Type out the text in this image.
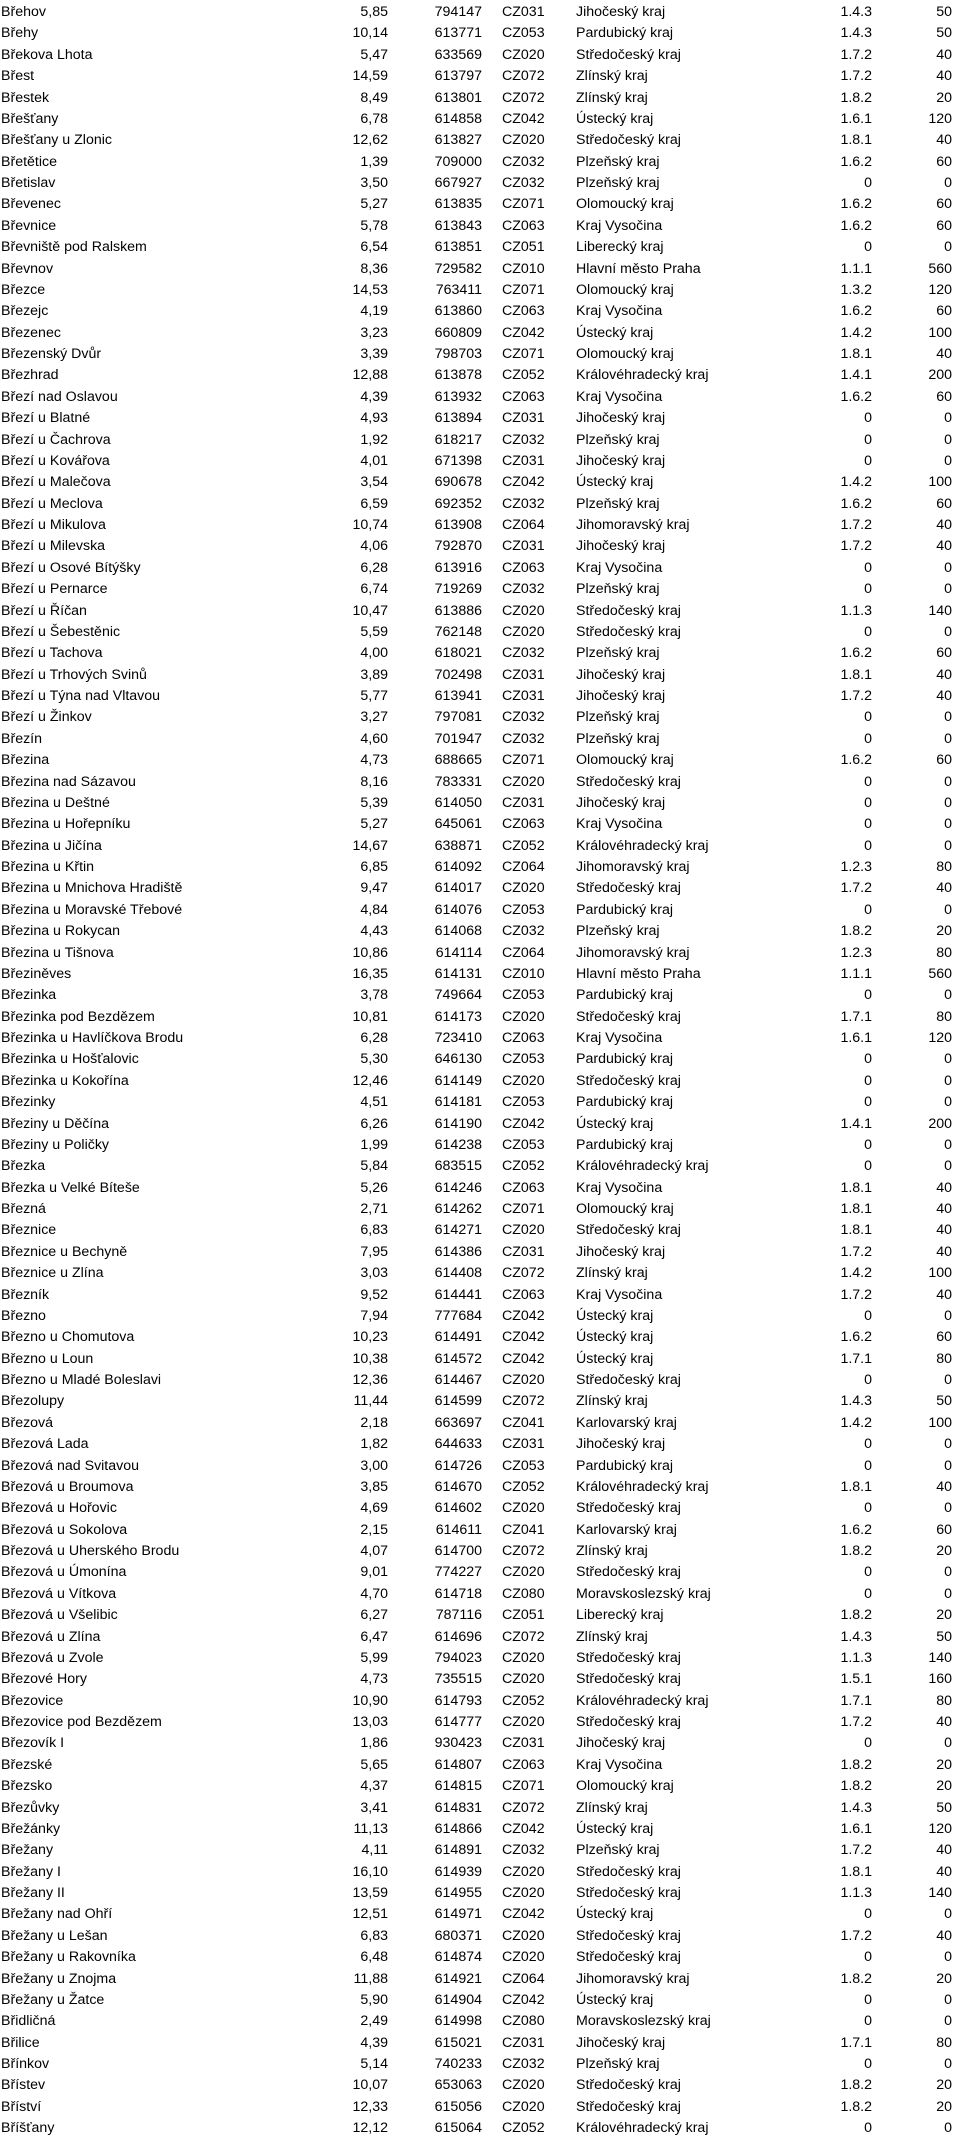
Břehov	5,85	794147	CZ031	Jihočeský kraj	1.4.3	50
Břehy	10,14	613771	CZ053	Pardubický kraj	1.4.3	50
Břekova Lhota	5,47	633569	CZ020	Středočeský kraj	1.7.2	40
Břest	14,59	613797	CZ072	Zlínský kraj	1.7.2	40
Břestek	8,49	613801	CZ072	Zlínský kraj	1.8.2	20
Břešťany	6,78	614858	CZ042	Ústecký kraj	1.6.1	120
Břešťany u Zlonic	12,62	613827	CZ020	Středočeský kraj	1.8.1	40
Břetětice	1,39	709000	CZ032	Plzeňský kraj	1.6.2	60
Břetislav	3,50	667927	CZ032	Plzeňský kraj	0	0
Břevenec	5,27	613835	CZ071	Olomoucký kraj	1.6.2	60
Břevnice	5,78	613843	CZ063	Kraj Vysočina	1.6.2	60
Břevniště pod Ralskem	6,54	613851	CZ051	Liberecký kraj	0	0
Břevnov	8,36	729582	CZ010	Hlavní město Praha	1.1.1	560
Březce	14,53	763411	CZ071	Olomoucký kraj	1.3.2	120
Březejc	4,19	613860	CZ063	Kraj Vysočina	1.6.2	60
Březenec	3,23	660809	CZ042	Ústecký kraj	1.4.2	100
Březenský Dvůr	3,39	798703	CZ071	Olomoucký kraj	1.8.1	40
Březhrad	12,88	613878	CZ052	Královéhradecký kraj	1.4.1	200
Březí nad Oslavou	4,39	613932	CZ063	Kraj Vysočina	1.6.2	60
Březí u Blatné	4,93	613894	CZ031	Jihočeský kraj	0	0
Březí u Čachrova	1,92	618217	CZ032	Plzeňský kraj	0	0
Březí u Kovářova	4,01	671398	CZ031	Jihočeský kraj	0	0
Březí u Malečova	3,54	690678	CZ042	Ústecký kraj	1.4.2	100
Březí u Meclova	6,59	692352	CZ032	Plzeňský kraj	1.6.2	60
Březí u Mikulova	10,74	613908	CZ064	Jihomoravský kraj	1.7.2	40
Březí u Milevska	4,06	792870	CZ031	Jihočeský kraj	1.7.2	40
Březí u Osové Bítýšky	6,28	613916	CZ063	Kraj Vysočina	0	0
Březí u Pernarce	6,74	719269	CZ032	Plzeňský kraj	0	0
Březí u Říčan	10,47	613886	CZ020	Středočeský kraj	1.1.3	140
Březí u Šebestěnic	5,59	762148	CZ020	Středočeský kraj	0	0
Březí u Tachova	4,00	618021	CZ032	Plzeňský kraj	1.6.2	60
Březí u Trhových Svinů	3,89	702498	CZ031	Jihočeský kraj	1.8.1	40
Březí u Týna nad Vltavou	5,77	613941	CZ031	Jihočeský kraj	1.7.2	40
Březí u Žinkov	3,27	797081	CZ032	Plzeňský kraj	0	0
Březín	4,60	701947	CZ032	Plzeňský kraj	0	0
Březina	4,73	688665	CZ071	Olomoucký kraj	1.6.2	60
Březina nad Sázavou	8,16	783331	CZ020	Středočeský kraj	0	0
Březina u Deštné	5,39	614050	CZ031	Jihočeský kraj	0	0
Březina u Hořepníku	5,27	645061	CZ063	Kraj Vysočina	0	0
Březina u Jičína	14,67	638871	CZ052	Královéhradecký kraj	0	0
Březina u Křtin	6,85	614092	CZ064	Jihomoravský kraj	1.2.3	80
Březina u Mnichova Hradiště	9,47	614017	CZ020	Středočeský kraj	1.7.2	40
Březina u Moravské Třebové	4,84	614076	CZ053	Pardubický kraj	0	0
Březina u Rokycan	4,43	614068	CZ032	Plzeňský kraj	1.8.2	20
Březina u Tišnova	10,86	614114	CZ064	Jihomoravský kraj	1.2.3	80
Březiněves	16,35	614131	CZ010	Hlavní město Praha	1.1.1	560
Březinka	3,78	749664	CZ053	Pardubický kraj	0	0
Březinka pod Bezdězem	10,81	614173	CZ020	Středočeský kraj	1.7.1	80
Březinka u Havlíčkova Brodu	6,28	723410	CZ063	Kraj Vysočina	1.6.1	120
Březinka u Hošťalovic	5,30	646130	CZ053	Pardubický kraj	0	0
Březinka u Kokořína	12,46	614149	CZ020	Středočeský kraj	0	0
Březinky	4,51	614181	CZ053	Pardubický kraj	0	0
Březiny u Děčína	6,26	614190	CZ042	Ústecký kraj	1.4.1	200
Březiny u Poličky	1,99	614238	CZ053	Pardubický kraj	0	0
Březka	5,84	683515	CZ052	Královéhradecký kraj	0	0
Březka u Velké Bíteše	5,26	614246	CZ063	Kraj Vysočina	1.8.1	40
Březná	2,71	614262	CZ071	Olomoucký kraj	1.8.1	40
Březnice	6,83	614271	CZ020	Středočeský kraj	1.8.1	40
Březnice u Bechyně	7,95	614386	CZ031	Jihočeský kraj	1.7.2	40
Březnice u Zlína	3,03	614408	CZ072	Zlínský kraj	1.4.2	100
Březník	9,52	614441	CZ063	Kraj Vysočina	1.7.2	40
Březno	7,94	777684	CZ042	Ústecký kraj	0	0
Březno u Chomutova	10,23	614491	CZ042	Ústecký kraj	1.6.2	60
Březno u Loun	10,38	614572	CZ042	Ústecký kraj	1.7.1	80
Březno u Mladé Boleslavi	12,36	614467	CZ020	Středočeský kraj	0	0
Březolupy	11,44	614599	CZ072	Zlínský kraj	1.4.3	50
Březová	2,18	663697	CZ041	Karlovarský kraj	1.4.2	100
Březová Lada	1,82	644633	CZ031	Jihočeský kraj	0	0
Březová nad Svitavou	3,00	614726	CZ053	Pardubický kraj	0	0
Březová u Broumova	3,85	614670	CZ052	Královéhradecký kraj	1.8.1	40
Březová u Hořovic	4,69	614602	CZ020	Středočeský kraj	0	0
Březová u Sokolova	2,15	614611	CZ041	Karlovarský kraj	1.6.2	60
Březová u Uherského Brodu	4,07	614700	CZ072	Zlínský kraj	1.8.2	20
Březová u Úmonína	9,01	774227	CZ020	Středočeský kraj	0	0
Březová u Vítkova	4,70	614718	CZ080	Moravskoslezský kraj	0	0
Březová u Všelibic	6,27	787116	CZ051	Liberecký kraj	1.8.2	20
Březová u Zlína	6,47	614696	CZ072	Zlínský kraj	1.4.3	50
Březová u Zvole	5,99	794023	CZ020	Středočeský kraj	1.1.3	140
Březové Hory	4,73	735515	CZ020	Středočeský kraj	1.5.1	160
Březovice	10,90	614793	CZ052	Královéhradecký kraj	1.7.1	80
Březovice pod Bezdězem	13,03	614777	CZ020	Středočeský kraj	1.7.2	40
Březovík I	1,86	930423	CZ031	Jihočeský kraj	0	0
Březské	5,65	614807	CZ063	Kraj Vysočina	1.8.2	20
Březsko	4,37	614815	CZ071	Olomoucký kraj	1.8.2	20
Březůvky	3,41	614831	CZ072	Zlínský kraj	1.4.3	50
Břežánky	11,13	614866	CZ042	Ústecký kraj	1.6.1	120
Břežany	4,11	614891	CZ032	Plzeňský kraj	1.7.2	40
Břežany I	16,10	614939	CZ020	Středočeský kraj	1.8.1	40
Břežany II	13,59	614955	CZ020	Středočeský kraj	1.1.3	140
Břežany nad Ohří	12,51	614971	CZ042	Ústecký kraj	0	0
Břežany u Lešan	6,83	680371	CZ020	Středočeský kraj	1.7.2	40
Břežany u Rakovníka	6,48	614874	CZ020	Středočeský kraj	0	0
Břežany u Znojma	11,88	614921	CZ064	Jihomoravský kraj	1.8.2	20
Břežany u Žatce	5,90	614904	CZ042	Ústecký kraj	0	0
Břidličná	2,49	614998	CZ080	Moravskoslezský kraj	0	0
Břilice	4,39	615021	CZ031	Jihočeský kraj	1.7.1	80
Břínkov	5,14	740233	CZ032	Plzeňský kraj	0	0
Břístev	10,07	653063	CZ020	Středočeský kraj	1.8.2	20
Bříství	12,33	615056	CZ020	Středočeský kraj	1.8.2	20
Bříšťany	12,12	615064	CZ052	Královéhradecký kraj	0	0
